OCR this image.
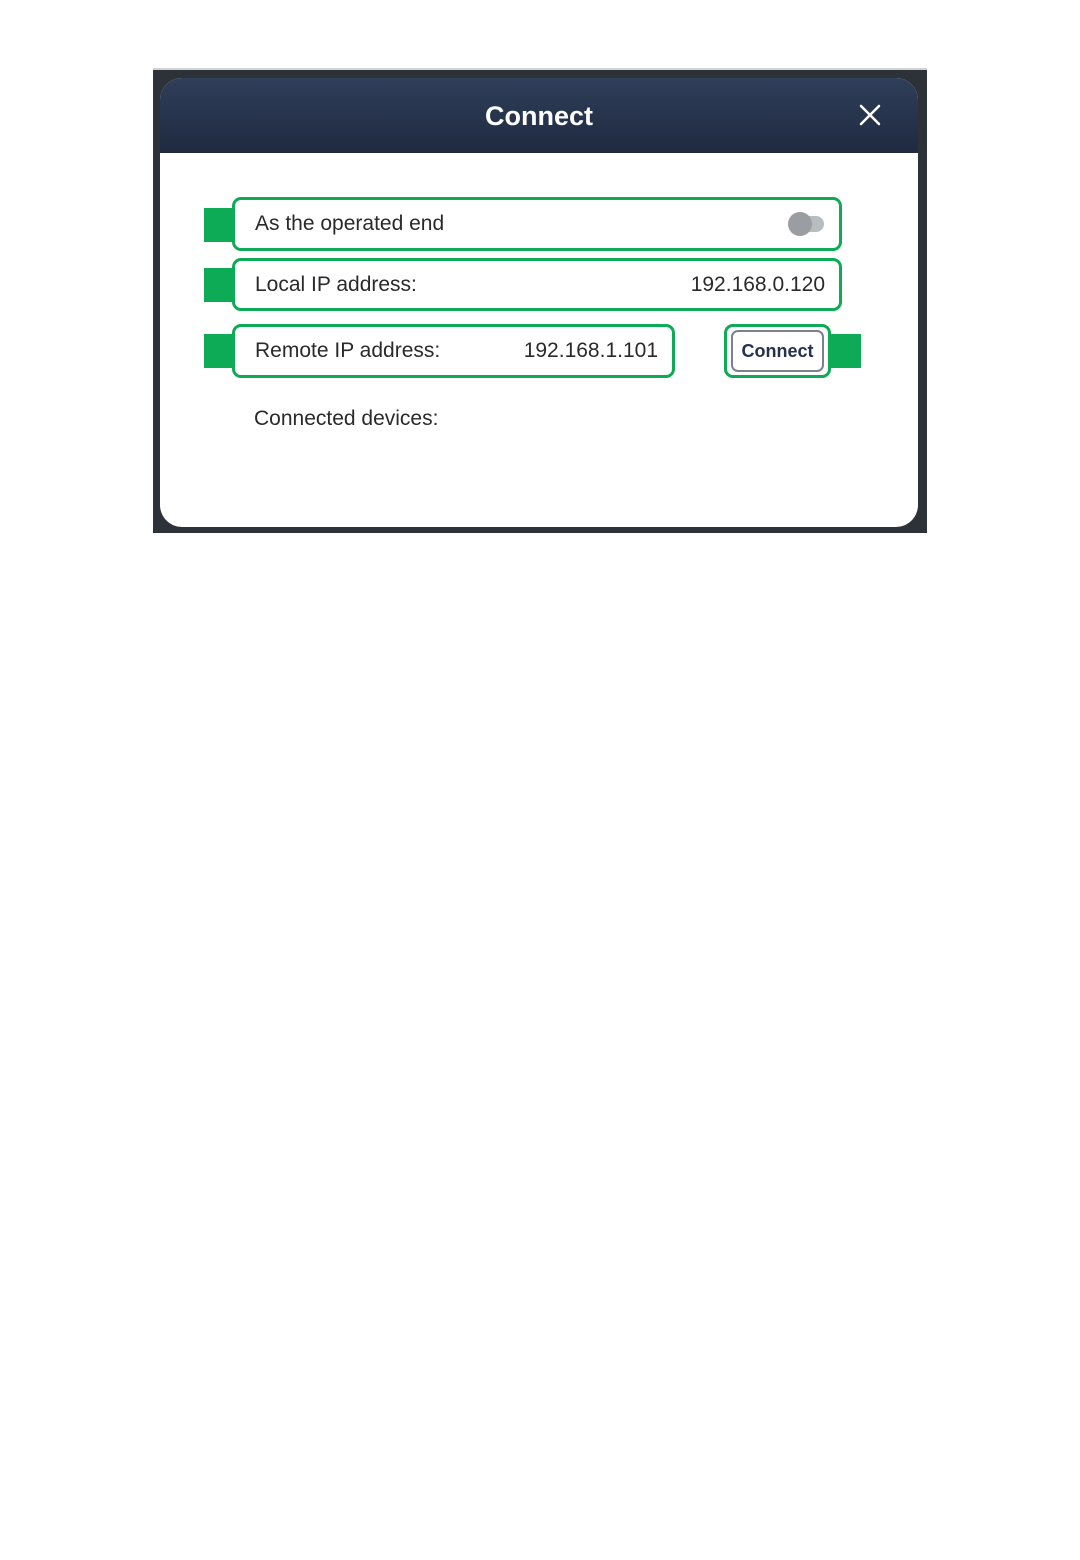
Connect
As the operated end
Local IP address:	192.168.0.120
Remote IP address:	192.168.1.101	Connect
Connected devices:
